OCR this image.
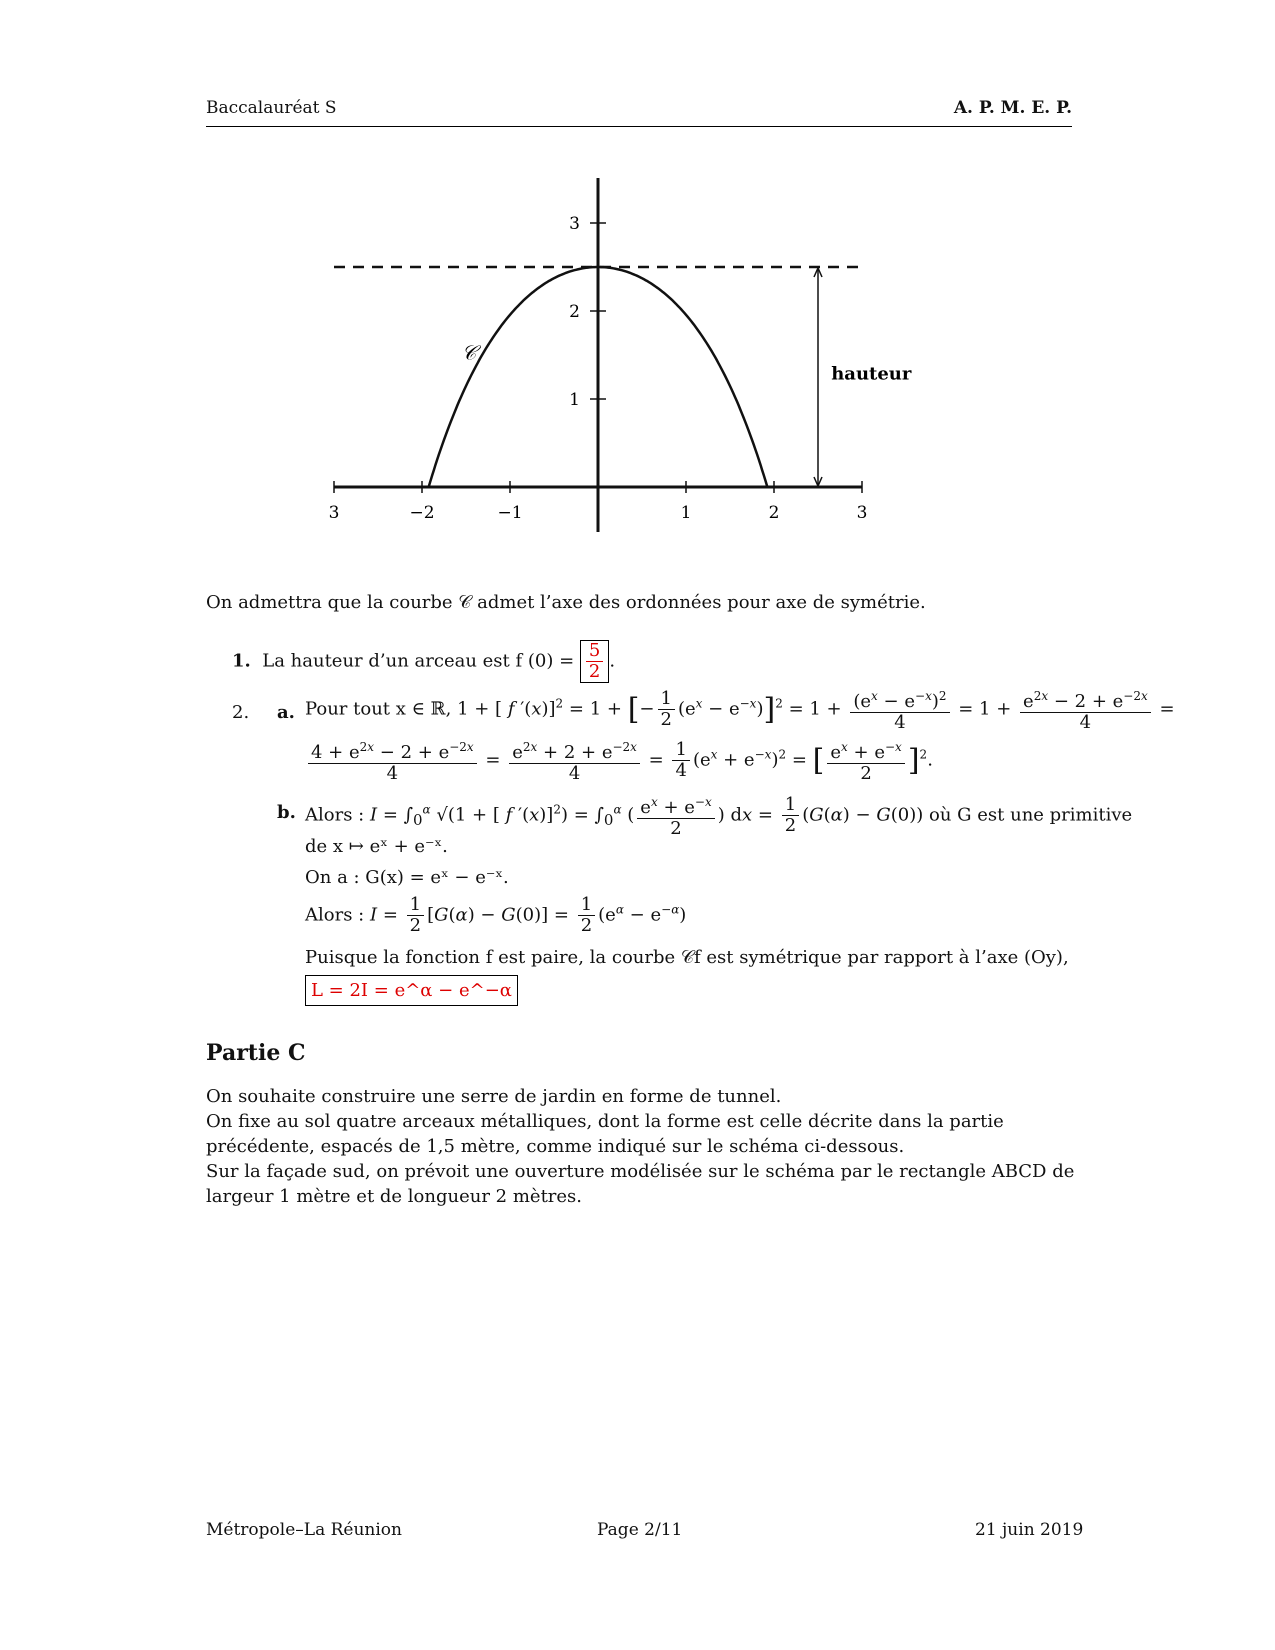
Baccalauréat S	A. P. M. E. P.
3	−2	−1	1	2	3
1
2
3
𝒞
hauteur
On admettra que la courbe 𝒞 admet l’axe des ordonnées pour axe de symétrie.
1. La hauteur d’un arceau est f $(0) = \frac{5}{2}$ .
2. a. Pour tout x ∈ ℝ, 1 + [ f ′(x)]$^2$ = 1 + [− $\frac{1}{2} (e^x - e^{-x})]^2 = 1 + \frac{(e^x - e^{-x})^2}{4} = 1 + \frac{e^{2x} - 2 + e^{-2x}}{4}$ =
$\frac{4 + e^{2x} - 2 + e^{-2x}}{4} = \frac{e^{2x} + 2 + e^{-2x}}{4} = \frac{1}{4} (e^x + e^{-x})^2$ = [ $\frac{e^x + e^{-x}}{2} ]^2$.
b. Alors : $I = \int_0^\alpha$ √(1 + [ f $'(x)]^2) = \int_0^\alpha$ ( $\frac{e^x + e^{-x}}{2}$ ) dx = $\frac{1}{2} (G(\alpha) - G(0))$ où G est une primitive
de x ↦ eˣ + e⁻ˣ.
On a : G(x) = eˣ − e⁻ˣ.
Alors : $I = \frac{1}{2} [G(\alpha) - G(0)] = \frac{1}{2} (e^\alpha - e^{-\alpha})$
Puisque la fonction f est paire, la courbe 𝒞f est symétrique par rapport à l’axe (Oy),
L = 2I = e^α − e^−α
Partie C
On souhaite construire une serre de jardin en forme de tunnel.
On fixe au sol quatre arceaux métalliques, dont la forme est celle décrite dans la partie précédente, espacés de 1,5 mètre, comme indiqué sur le schéma ci-dessous.
Sur la façade sud, on prévoit une ouverture modélisée sur le schéma par le rectangle ABCD de largeur 1 mètre et de longueur 2 mètres.
Métropole–La Réunion	Page 2/11	21 juin 2019
